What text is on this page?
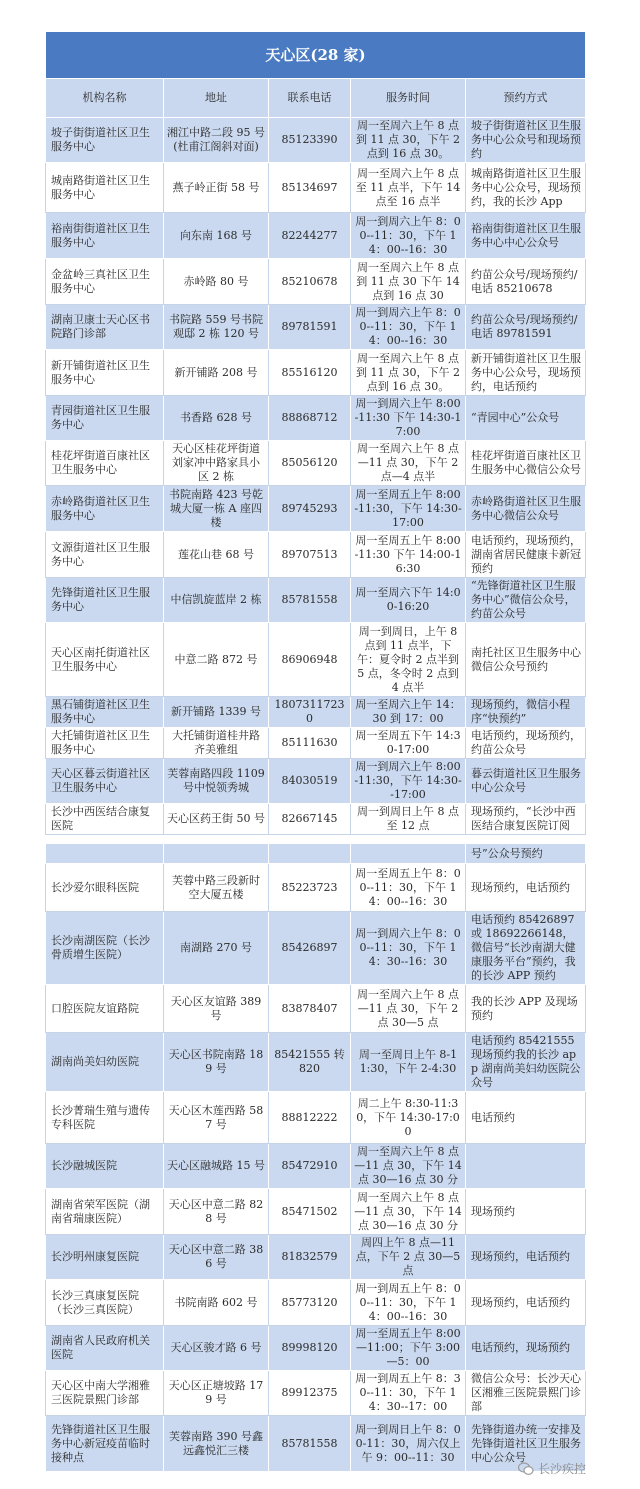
天心区(28 家)				
机构名称	地址	联系电话	服务时间	预约方式
坡子街街道社区卫生服务中心	湘江中路二段 95 号(杜甫江阁斜对面)	85123390	周一至周六上午 8 点到 11 点 30，下午 2 点到 16 点 30。	坡子街街道社区卫生服务中心公众号和现场预约
城南路街道社区卫生服务中心	燕子岭正街 58 号	85134697	周一至周六上午 8 点至 11 点半，下午 14 点至 16 点半	城南路街道社区卫生服务中心公众号，现场预约，我的长沙 App
裕南街街道社区卫生服务中心	向东南 168 号	82244277	周一到周六上午 8：00--11：30，下午 14：00--16：30	裕南街街道社区卫生服务中心中心公众号
金盆岭三真社区卫生服务中心	赤岭路 80 号	85210678	周一至周六上午 8 点到 11 点 30 下午 14 点到 16 点 30	约苗公众号/现场预约/电话 85210678
湖南卫康士天心区书院路门诊部	书院路 559 号书院观邸 2 栋 120 号	89781591	周一到周六上午 8：00--11：30，下午 14：00--16：30	约苗公众号/现场预约/电话 89781591
新开铺街道社区卫生服务中心	新开铺路 208 号	85516120	周一至周六上午 8 点到 11 点 30，下午 2 点到 16 点 30。	新开铺街道社区卫生服务中心公众号，现场预约，电话预约
青园街道社区卫生服务中心	书香路 628 号	88868712	周一到周六上午 8:00-11:30 下午 14:30-17:00	“青园中心”公众号
桂花坪街道百康社区卫生服务中心	天心区桂花坪街道刘家冲中路家具小区 2 栋	85056120	周一至周六上午 8 点—11 点 30，下午 2 点—4 点半	桂花坪街道百康社区卫生服务中心微信公众号
赤岭路街道社区卫生服务中心	书院南路 423 号乾城大厦一栋 A 座四楼	89745293	周一至周五上午 8:00-11:30，下午 14:30-17:00	赤岭路街道社区卫生服务中心微信公众号
文源街道社区卫生服务中心	莲花山巷 68 号	89707513	周一至周五上午 8:00-11:30 下午 14:00-16:30	电话预约，现场预约，湖南省居民健康卡新冠预约
先锋街道社区卫生服务中心	中信凯旋蓝岸 2 栋	85781558	周一至周六下午 14:00-16:20	“先锋街道社区卫生服务中心”微信公众号，约苗公众号
天心区南托街道社区卫生服务中心	中意二路 872 号	86906948	周一到周日，上午 8 点到 11 点半，下午：夏令时 2 点半到 5 点，冬令时 2 点到 4 点半	南托社区卫生服务中心微信公众号预约
黑石铺街道社区卫生服务中心	新开铺路 1339 号	18073117230	周一至周六上午 14：30 到 17：00	现场预约，微信小程序“快预约”
大托铺街道社区卫生服务中心	大托铺街道桂井路齐美雅组	85111630	周一至周五下午 14:30-17:00	电话预约，现场预约，约苗公众号
天心区暮云街道社区卫生服务中心	芙蓉南路四段 1109 号中悦领秀城	84030519	周一到周六上午 8:00-11:30，下午 14:30--17:00	暮云街道社区卫生服务中心公众号
长沙中西医结合康复医院	天心区药王街 50 号	82667145	周一到周日上午 8 点至 12 点	现场预约，“长沙中西医结合康复医院订阅
				号”公众号预约
长沙爱尔眼科医院	芙蓉中路三段新时空大厦五楼	85223723	周一至周五上午 8：00--11：30，下午 14：00--16：30	现场预约，电话预约
长沙南湖医院（长沙骨质增生医院）	南湖路 270 号	85426897	周一到周六上午 8：00--11：30，下午 14：30--16：30	电话预约 85426897 或 18692266148，微信号“长沙南湖大健康服务平台”预约，我的长沙 APP 预约
口腔医院友谊路院	天心区友谊路 389 号	83878407	周一至周六上午 8 点—11 点 30，下午 2 点 30—5 点	我的长沙 APP 及现场预约
湖南尚美妇幼医院	天心区书院南路 189 号	85421555 转 820	周一至周日上午 8-11:30，下午 2-4:30	电话预约 85421555 现场预约我的长沙 app 湖南尚美妇幼医院公众号
长沙菁瑞生殖与遗传专科医院	天心区木莲西路 587 号	88812222	周二上午 8:30-11:30，下午 14:30-17:00	电话预约
长沙融城医院	天心区融城路 15 号	85472910	周一至周六上午 8 点—11 点 30，下午 14 点 30—16 点 30 分	
湖南省荣军医院（湖南省瑞康医院）	天心区中意二路 828 号	85471502	周一至周六上午 8 点—11 点 30，下午 14 点 30—16 点 30 分	现场预约
长沙明州康复医院	天心区中意二路 386 号	81832579	周四上午 8 点—11 点，下午 2 点 30—5 点	现场预约，电话预约
长沙三真康复医院（长沙三真医院）	书院南路 602 号	85773120	周一到周五上午 8：00--11：30，下午 14：00--16：30	现场预约，电话预约
湖南省人民政府机关医院	天心区骏才路 6 号	89998120	周一至周五上午 8:00—11:00；下午 3:00—5：00	电话预约，现场预约
天心区中南大学湘雅三医院景熙门诊部	天心区正塘坡路 179 号	89912375	周一到周五上午 8：30--11：30，下午 14：30--17：00	微信公众号：长沙天心区湘雅三医院景熙门诊部
先锋街道社区卫生服务中心新冠疫苗临时接种点	芙蓉南路 390 号鑫远鑫悦汇三楼	85781558	周一到周日上午 8：00-11：30，周六仅上午 9：00--11：30	先锋街道办统一安排及先锋街道社区卫生服务中心公众号
长沙疾控
